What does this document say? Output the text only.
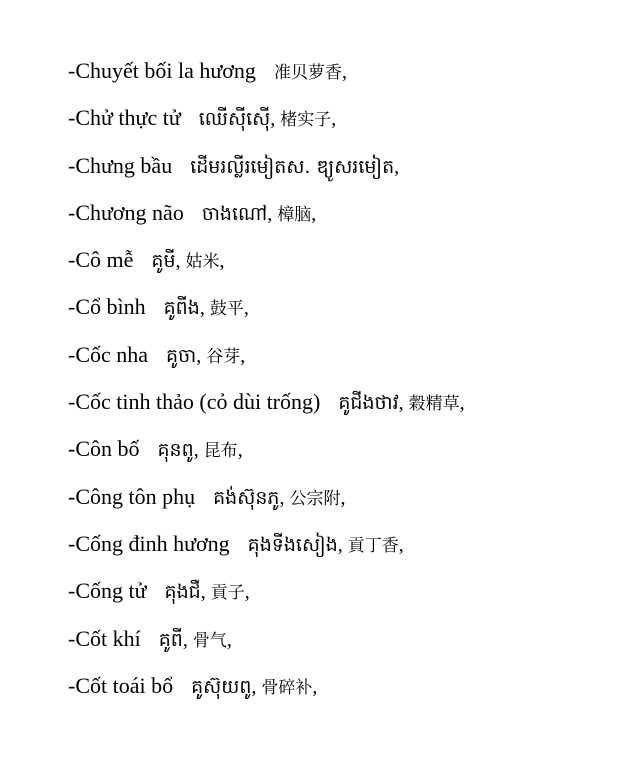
-Chuyết bối la hương 准贝萝香,
-Chử thực tử ឈើស៊ីស៊ើ, 楮实子,
-Chưng bầu ដើមរល្លីរមៀតស. ឌ្យូសរមៀត,
-Chương não ចាងណៅ, 樟脑,
-Cô mễ គូមី, 姑米,
-Cổ bình គូពីង, 鼓平,
-Cốc nha គូចា, 谷芽,
-Cốc tinh thảo (cỏ dùi trống) គូជីងថាវ, 穀精草,
-Côn bố គុនពូ, 昆布,
-Công tôn phụ គង់ស៊ុនភូ, 公宗附,
-Cống đinh hương គុងទីងសៀង, 貢丁香,
-Cống tử គុងជឺ, 貢子,
-Cốt khí គូពី, 骨气,
-Cốt toái bổ គូស៊ុយពូ, 骨碎补,
